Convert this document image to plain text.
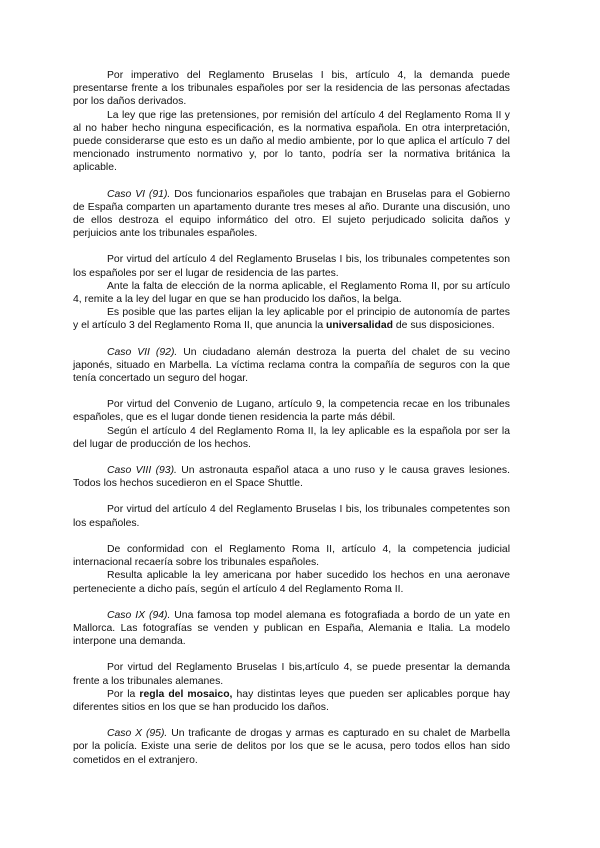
Por imperativo del Reglamento Bruselas I bis, artículo 4, la demanda puede presentarse frente a los tribunales españoles por ser la residencia de las personas afectadas por los daños derivados.

La ley que rige las pretensiones, por remisión del artículo 4 del Reglamento Roma II y al no haber hecho ninguna especificación, es la normativa española. En otra interpretación, puede considerarse que esto es un daño al medio ambiente, por lo que aplica el artículo 7 del mencionado instrumento normativo y, por lo tanto, podría ser la normativa británica la aplicable.

Caso VI (91). Dos funcionarios españoles que trabajan en Bruselas para el Gobierno de España comparten un apartamento durante tres meses al año. Durante una discusión, uno de ellos destroza el equipo informático del otro. El sujeto perjudicado solicita daños y perjuicios ante los tribunales españoles.

Por virtud del artículo 4 del Reglamento Bruselas I bis, los tribunales competentes son los españoles por ser el lugar de residencia de las partes.

Ante la falta de elección de la norma aplicable, el Reglamento Roma II, por su artículo 4, remite a la ley del lugar en que se han producido los daños, la belga.

Es posible que las partes elijan la ley aplicable por el principio de autonomía de partes y el artículo 3 del Reglamento Roma II, que anuncia la universalidad de sus disposiciones.

Caso VII (92). Un ciudadano alemán destroza la puerta del chalet de su vecino japonés, situado en Marbella. La víctima reclama contra la compañía de seguros con la que tenía concertado un seguro del hogar.

Por virtud del Convenio de Lugano, artículo 9, la competencia recae en los tribunales españoles, que es el lugar donde tienen residencia la parte más débil.

Según el artículo 4 del Reglamento Roma II, la ley aplicable es la española por ser la del lugar de producción de los hechos.

Caso VIII (93). Un astronauta español ataca a uno ruso y le causa graves lesiones. Todos los hechos sucedieron en el Space Shuttle.

Por virtud del artículo 4 del Reglamento Bruselas I bis, los tribunales competentes son los españoles.

De conformidad con el Reglamento Roma II, artículo 4, la competencia judicial internacional recaería sobre los tribunales españoles.

Resulta aplicable la ley americana por haber sucedido los hechos en una aeronave perteneciente a dicho país, según el artículo 4 del Reglamento Roma II.

Caso IX (94). Una famosa top model alemana es fotografiada a bordo de un yate en Mallorca. Las fotografías se venden y publican en España, Alemania e Italia. La modelo interpone una demanda.

Por virtud del Reglamento Bruselas I bis,artículo 4, se puede presentar la demanda frente a los tribunales alemanes.

Por la regla del mosaico, hay distintas leyes que pueden ser aplicables porque hay diferentes sitios en los que se han producido los daños.

Caso X (95). Un traficante de drogas y armas es capturado en su chalet de Marbella por la policía. Existe una serie de delitos por los que se le acusa, pero todos ellos han sido cometidos en el extranjero.
